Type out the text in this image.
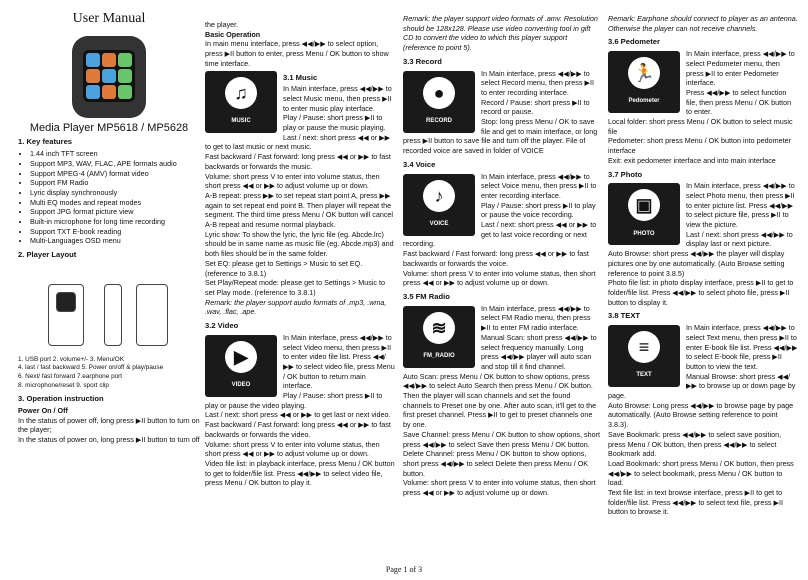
User Manual
Media Player MP5618 / MP5628
1. Key features
• 1.44 inch TFT screen
• Support MP3, WAV, FLAC, APE formats audio
• Support MPEG-4 (AMV) format video
• Support FM Radio
• Lyric display synchronously
• Multi EQ modes and repeat modes
• Support JPG format picture view
• Built-in microphone for long time recording
• Support TXT E-book reading
• Multi-Languages OSD menu
2. Player Layout
1. USB port 2. volume+/- 3. Menu/OK
4. last / fast backward 5. Power on/off & play/pause
6. Next/ fast forward 7.earphone port
8. microphone/reset 9. sport clip
3. Operation instruction

Power On / Off

In the status of power off, long press ▶II button to turn on the player;

In the status of power on, long press ▶II button to turn off

the player.

Basic Operation

In main menu interface, press ◀◀/▶▶ to select option, press ▶II button to enter, press Menu / OK button to show time interface.

♫
MUSIC
3.1 Music

In Main interface, press ◀◀/▶▶ to select Music menu, then press ▶II to enter music play interface.

Play / Pause: short press ▶II to play or pause the music playing.

Last / next: short press ◀◀ or ▶▶ to get to last music or next music.

Fast backward / Fast forward: long press ◀◀ or ▶▶ to fast backwards or forwards the music.

Volume: short press V to enter into volume status, then short press ◀◀ or ▶▶ to adjust volume up or down.

A-B repeat: press ▶▶ to set repeat start point A, press ▶▶ again to set repeat end point B. Then player will repeat the segment. The third time press Menu / OK button will cancel A-B repeat and resume normal playback.

Lyric show: To show the lyric, the lyric file (eg. Abcde.lrc) should be in same name as music file (eg. Abcde.mp3) and both files should be in the same folder.

Set EQ: please get to Settings > Music to set EQ. (reference to 3.8.1)

Set Play/Repeat mode: please get to Settings > Music to set Play mode. (reference to 3.8.1)

Remark: the player support audio formats of .mp3, .wma, .wav, .flac, .ape.

3.2 Video
▶
VIDEO

In Main interface, press ◀◀/▶▶ to select Video menu, then press ▶II to enter video file list. Press ◀◀/▶▶ to select video file, press Menu / OK button to return main interface.

Play / Pause: short press ▶II to play or pause the video playing.

Last / next: short press ◀◀ or ▶▶ to get last or next video.

Fast backward / Fast forward: long press ◀◀ or ▶▶ to fast backwards or forwards the video.

Volume: short press V to enter into volume status, then short press ◀◀ or ▶▶ to adjust volume up or down.

Video file list: in playback interface, press Menu / OK button to get to folder/file list. Press ◀◀/▶▶ to select video file, press Menu / OK button to play it.

Remark: the player support video formats of .amv. Resolution should be 128x128. Please use video converting tool in gift CD to convert the video to which this player support (reference to point 5).

3.3 Record
●
RECORD

In Main interface, press ◀◀/▶▶ to select Record menu, then press ▶II to enter recording interface.

Record / Pause: short press ▶II to record or pause.

Stop: long press Menu / OK to save file and get to main interface, or long press ▶II button to save file and turn off the player. File of recorded voice are saved in folder of VOICE

3.4 Voice
♪
VOICE

In Main interface, press ◀◀/▶▶ to select Voice menu, then press ▶II to enter recording interface.

Play / Pause: short press ▶II to play or pause the voice recording.

Last / next: short press ◀◀ or ▶▶ to get to last voice recording or next recording.

Fast backward / Fast forward: long press ◀◀ or ▶▶ to fast backwards or forwards the voice.

Volume: short press V to enter into volume status, then short press ◀◀ or ▶▶ to adjust volume up or down.

3.5 FM Radio
≋
FM_RADIO

In Main interface, press ◀◀/▶▶ to select FM Radio menu, then press ▶II to enter FM radio interface.

Manual Scan: short press ◀◀/▶▶ to select frequency manually. Long press ◀◀/▶▶ player will auto scan and stop till it find channel.

Auto Scan: press Menu / OK button to show options, press ◀◀/▶▶ to select Auto Search then press Menu / OK button. Then the player will scan channels and set the found channels to Preset one by one. After auto scan, it'll get to the first preset channel. Press ▶II to get to preset channels one by one.

Save Channel: press Menu / OK button to show options, short press ◀◀/▶▶ to select Save then press Menu / OK button.

Delete Channel: press Menu / OK button to show options, short press ◀◀/▶▶ to select Delete then press Menu / OK button.

Volume: short press V to enter into volume status, then short press ◀◀ or ▶▶ to adjust volume up or down.

Remark: Earphone should connect to player as an antenna. Otherwise the player can not receive channels.

3.6 Pedometer
🏃
Pedometer

In Main interface, press ◀◀/▶▶ to select Pedometer menu, then press ▶II to enter Pedometer interface.

Press ◀◀/▶▶ to select function file, then press Menu / OK button to enter.

Local folder: short press Menu / OK button to select music file

Pedometer: short press Menu / OK button into pedometer interface

Exit: exit pedometer interface and into main interface

3.7 Photo
▣
PHOTO

In Main interface, press ◀◀/▶▶ to select Photo menu, then press ▶II to enter picture list. Press ◀◀/▶▶ to select picture file, press ▶II to view the picture.

Last / next: short press ◀◀/▶▶ to display last or next picture.

Auto Browse: short press ◀◀/▶▶ the player will display pictures one by one automatically. (Auto Browse setting reference to point 3.8.5)

Photo file list: in photo display interface, press ▶II to get to folder/file list. Press ◀◀/▶▶ to select photo file, press ▶II button to display it.

3.8 TEXT
≡
TEXT

In Main interface, press ◀◀/▶▶ to select Text menu, then press ▶II to enter E-book file list. Press ◀◀/▶▶ to select E-book file, press ▶II button to view the text.

Manual Browse: short press ◀◀/▶▶ to browse up or down page by page.

Auto Browse: Long press ◀◀/▶▶ to browse page by page automatically. (Auto Browse setting reference to point 3.8.3).

Save Bookmark: press ◀◀/▶▶ to select save position, press Menu / OK button, then press ◀◀/▶▶ to select Bookmark add.

Load Bookmark: short press Menu / OK button, then press ◀◀/▶▶ to select bookmark, press Menu / OK button to load.

Text file list: in text browse interface, press ▶II to get to folder/file list. Press ◀◀/▶▶ to select text file, press ▶II button to browse it.

Page 1 of 3
